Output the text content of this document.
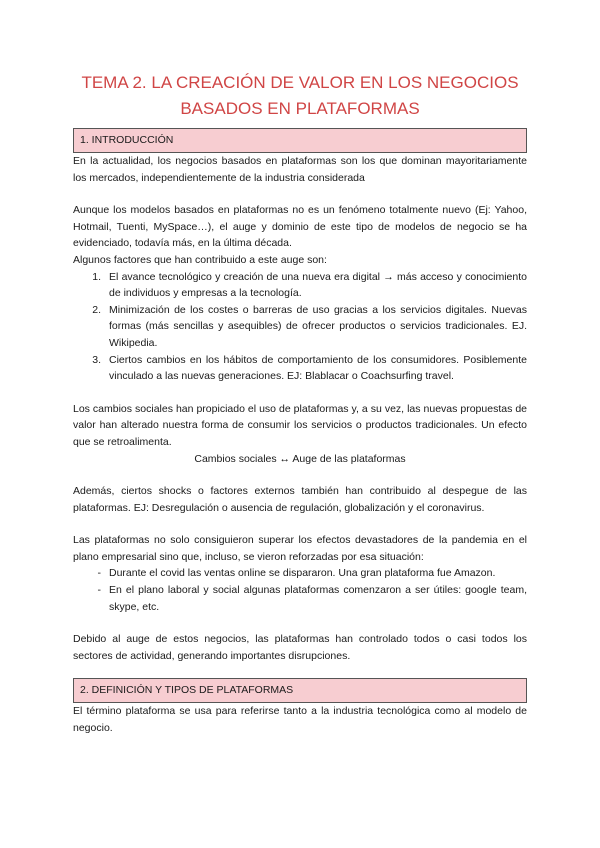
TEMA 2. LA CREACIÓN DE VALOR EN LOS NEGOCIOS
BASADOS EN PLATAFORMAS
1. INTRODUCCIÓN

En la actualidad, los negocios basados en plataformas son los que dominan mayoritariamente los mercados, independientemente de la industria considerada

Aunque los modelos basados en plataformas no es un fenómeno totalmente nuevo (Ej: Yahoo, Hotmail, Tuenti, MySpace…), el auge y dominio de este tipo de modelos de negocio se ha evidenciado, todavía más, en la última década.

Algunos factores que han contribuido a este auge son:

1. El avance tecnológico y creación de una nueva era digital → más acceso y conocimiento de individuos y empresas a la tecnología.
2. Minimización de los costes o barreras de uso gracias a los servicios digitales. Nuevas formas (más sencillas y asequibles) de ofrecer productos o servicios tradicionales. EJ. Wikipedia.
3. Ciertos cambios en los hábitos de comportamiento de los consumidores. Posiblemente vinculado a las nuevas generaciones. EJ: Blablacar o Coachsurfing travel.

Los cambios sociales han propiciado el uso de plataformas y, a su vez, las nuevas propuestas de valor han alterado nuestra forma de consumir los servicios o productos tradicionales. Un efecto que se retroalimenta.

Cambios sociales ↔ Auge de las plataformas

Además, ciertos shocks o factores externos también han contribuido al despegue de las plataformas. EJ: Desregulación o ausencia de regulación, globalización y el coronavirus.

Las plataformas no solo consiguieron superar los efectos devastadores de la pandemia en el plano empresarial sino que, incluso, se vieron reforzadas por esa situación:

- Durante el covid las ventas online se dispararon. Una gran plataforma fue Amazon.
- En el plano laboral y social algunas plataformas comenzaron a ser útiles: google team, skype, etc.

Debido al auge de estos negocios, las plataformas han controlado todos o casi todos los sectores de actividad, generando importantes disrupciones.

2. DEFINICIÓN Y TIPOS DE PLATAFORMAS

El término plataforma se usa para referirse tanto a la industria tecnológica como al modelo de negocio.
